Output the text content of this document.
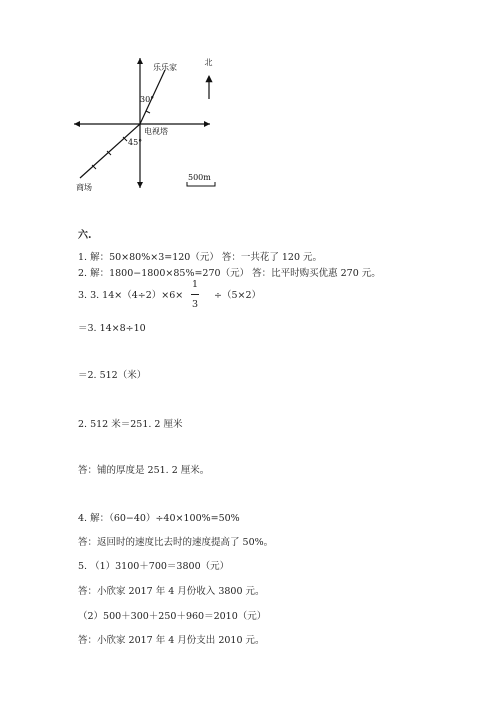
乐乐家
30°
电视塔
45°
商场
北
500m
六.
1. 解：50×80%×3=120（元） 答：一共花了 120 元。
2. 解：1800−1800×85%=270（元） 答：比平时购买优惠 270 元。
3. 3. 14×（4÷2）×6×
1
3
÷（5×2）
＝3. 14×8÷10
＝2. 512（米）
2. 512 米＝251. 2 厘米
答：铺的厚度是 251. 2 厘米。
4. 解：（60−40）÷40×100%=50%
答：返回时的速度比去时的速度提高了 50%。
5. （1）3100＋700＝3800（元）
答：小欣家 2017 年 4 月份收入 3800 元。
（2）500＋300＋250＋960＝2010（元）
答：小欣家 2017 年 4 月份支出 2010 元。
